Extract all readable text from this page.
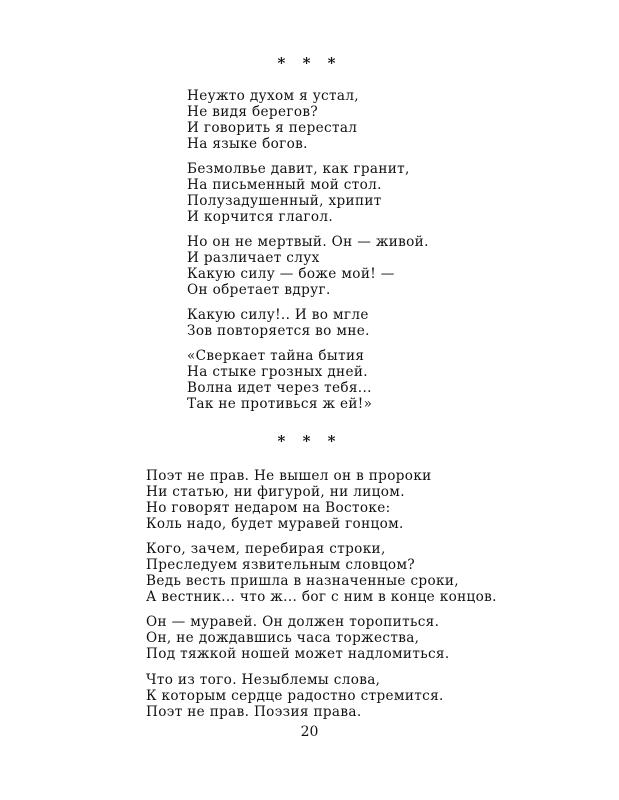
* * *
Неужто духом я устал,
Не видя берегов?
И говорить я перестал
На языке богов.
Безмолвье давит, как гранит,
На письменный мой стол.
Полузадушенный, хрипит
И корчится глагол.
Но он не мертвый. Он — живой.
И различает слух
Какую силу — боже мой! —
Он обретает вдруг.
Какую силу!.. И во мгле
Зов повторяется во мне.
«Сверкает тайна бытия
На стыке грозных дней.
Волна идет через тебя...
Так не противься ж ей!»
* * *
Поэт не прав. Не вышел он в пророки
Ни статью, ни фигурой, ни лицом.
Но говорят недаром на Востоке:
Коль надо, будет муравей гонцом.
Кого, зачем, перебирая строки,
Преследуем язвительным словцом?
Ведь весть пришла в назначенные сроки,
А вестник... что ж... бог с ним в конце концов.
Он — муравей. Он должен торопиться.
Он, не дождавшись часа торжества,
Под тяжкой ношей может надломиться.
Что из того. Незыблемы слова,
К которым сердце радостно стремится.
Поэт не прав. Поэзия права.
20
